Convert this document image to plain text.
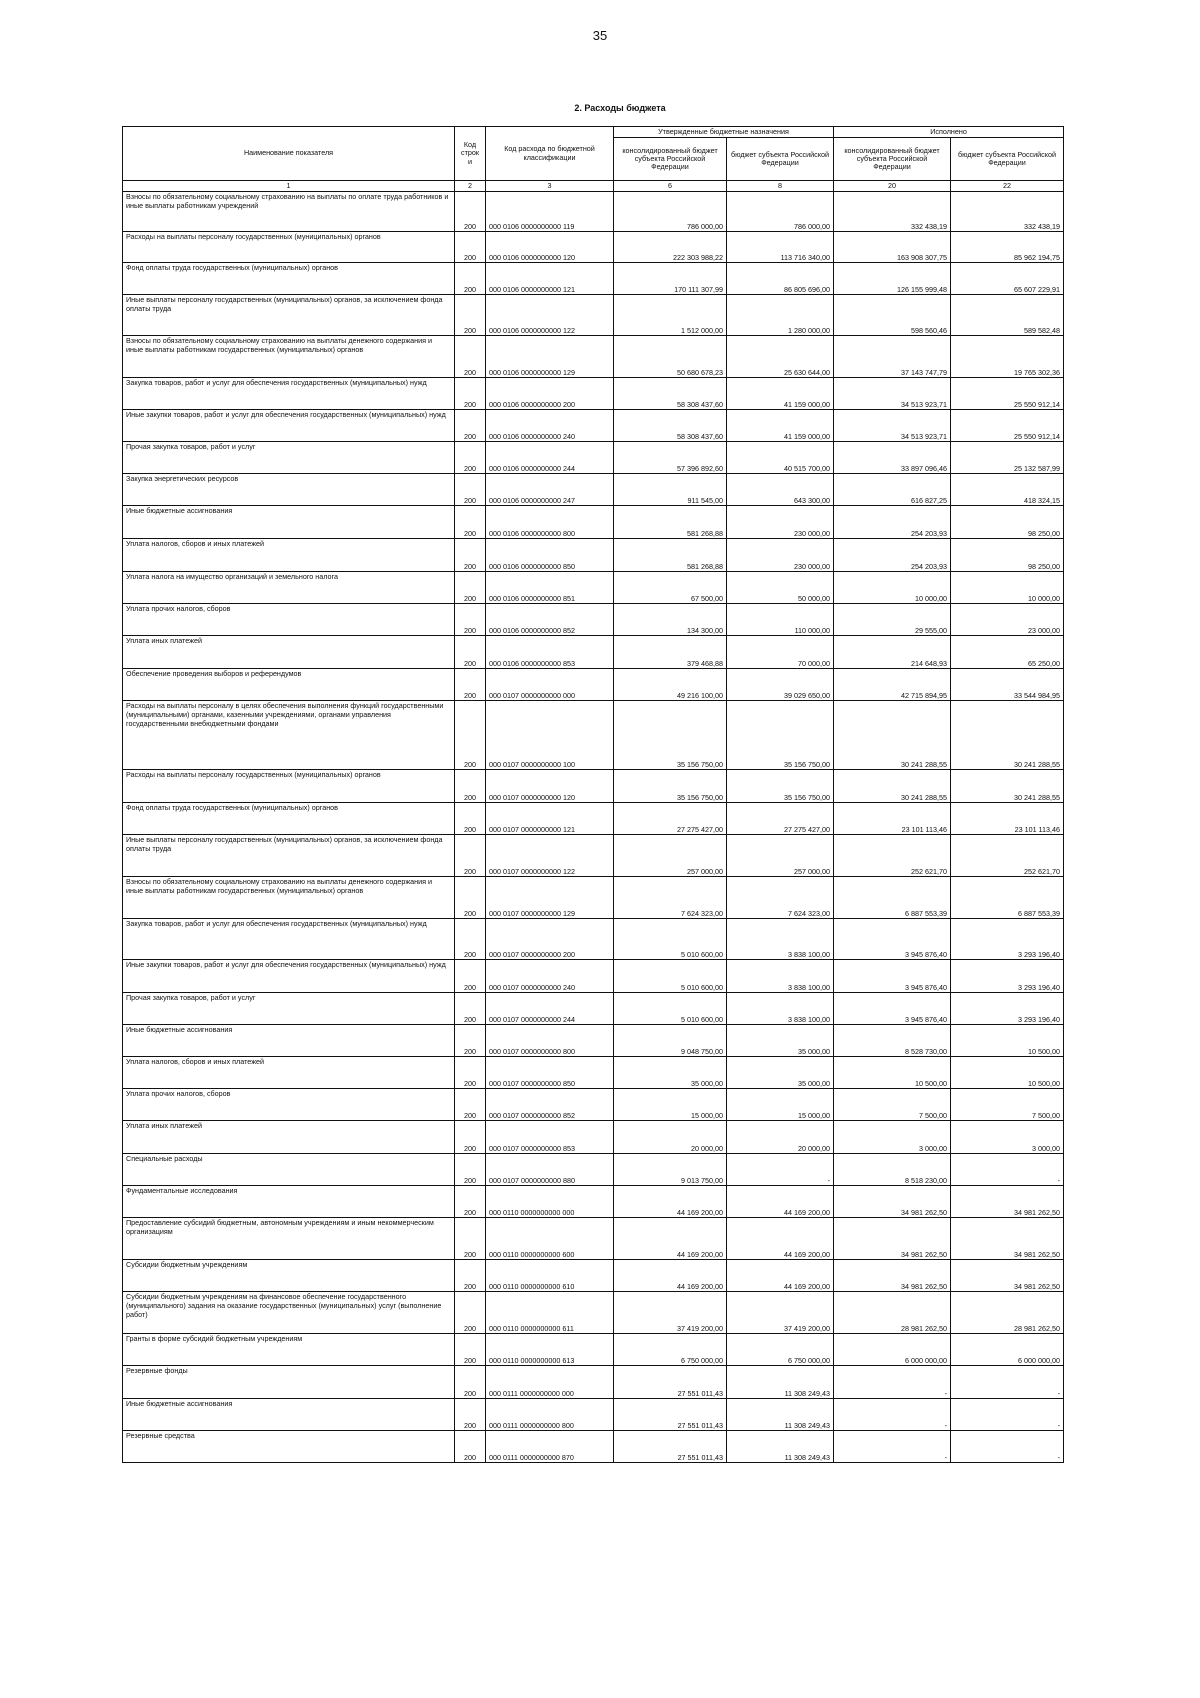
35
2. Расходы бюджета
Наименование показателя	Код строк и	Код расхода по бюджетной классификации	Утвержденные бюджетные назначения		Исполнено	
			консолидированный бюджет субъекта Российской Федерации	бюджет субъекта Российской Федерации	консолидированный бюджет субъекта Российской Федерации	бюджет субъекта Российской Федерации
1	2	3	6	8	20	22
Взносы по обязательному социальному страхованию на выплаты по оплате труда работников и иные выплаты работникам учреждений	200	000 0106 0000000000 119	786 000,00	786 000,00	332 438,19	332 438,19
Расходы на выплаты персоналу государственных (муниципальных) органов	200	000 0106 0000000000 120	222 303 988,22	113 716 340,00	163 908 307,75	85 962 194,75
Фонд оплаты труда государственных (муниципальных) органов	200	000 0106 0000000000 121	170 111 307,99	86 805 696,00	126 155 999,48	65 607 229,91
Иные выплаты персоналу государственных (муниципальных) органов, за исключением фонда оплаты труда	200	000 0106 0000000000 122	1 512 000,00	1 280 000,00	598 560,46	589 582,48
Взносы по обязательному социальному страхованию на выплаты денежного содержания и иные выплаты работникам государственных (муниципальных) органов	200	000 0106 0000000000 129	50 680 678,23	25 630 644,00	37 143 747,79	19 765 302,36
Закупка товаров, работ и услуг для обеспечения государственных (муниципальных) нужд	200	000 0106 0000000000 200	58 308 437,60	41 159 000,00	34 513 923,71	25 550 912,14
Иные закупки товаров, работ и услуг для обеспечения государственных (муниципальных) нужд	200	000 0106 0000000000 240	58 308 437,60	41 159 000,00	34 513 923,71	25 550 912,14
Прочая закупка товаров, работ и услуг	200	000 0106 0000000000 244	57 396 892,60	40 515 700,00	33 897 096,46	25 132 587,99
Закупка энергетических ресурсов	200	000 0106 0000000000 247	911 545,00	643 300,00	616 827,25	418 324,15
Иные бюджетные ассигнования	200	000 0106 0000000000 800	581 268,88	230 000,00	254 203,93	98 250,00
Уплата налогов, сборов и иных платежей	200	000 0106 0000000000 850	581 268,88	230 000,00	254 203,93	98 250,00
Уплата налога на имущество организаций и земельного налога	200	000 0106 0000000000 851	67 500,00	50 000,00	10 000,00	10 000,00
Уплата прочих налогов, сборов	200	000 0106 0000000000 852	134 300,00	110 000,00	29 555,00	23 000,00
Уплата иных платежей	200	000 0106 0000000000 853	379 468,88	70 000,00	214 648,93	65 250,00
Обеспечение проведения выборов и референдумов	200	000 0107 0000000000 000	49 216 100,00	39 029 650,00	42 715 894,95	33 544 984,95
Расходы на выплаты персоналу в целях обеспечения выполнения функций государственными (муниципальными) органами, казенными учреждениями, органами управления государственными внебюджетными фондами	200	000 0107 0000000000 100	35 156 750,00	35 156 750,00	30 241 288,55	30 241 288,55
Расходы на выплаты персоналу государственных (муниципальных) органов	200	000 0107 0000000000 120	35 156 750,00	35 156 750,00	30 241 288,55	30 241 288,55
Фонд оплаты труда государственных (муниципальных) органов	200	000 0107 0000000000 121	27 275 427,00	27 275 427,00	23 101 113,46	23 101 113,46
Иные выплаты персоналу государственных (муниципальных) органов, за исключением фонда оплаты труда	200	000 0107 0000000000 122	257 000,00	257 000,00	252 621,70	252 621,70
Взносы по обязательному социальному страхованию на выплаты денежного содержания и иные выплаты работникам государственных (муниципальных) органов	200	000 0107 0000000000 129	7 624 323,00	7 624 323,00	6 887 553,39	6 887 553,39
Закупка товаров, работ и услуг для обеспечения государственных (муниципальных) нужд	200	000 0107 0000000000 200	5 010 600,00	3 838 100,00	3 945 876,40	3 293 196,40
Иные закупки товаров, работ и услуг для обеспечения государственных (муниципальных) нужд	200	000 0107 0000000000 240	5 010 600,00	3 838 100,00	3 945 876,40	3 293 196,40
Прочая закупка товаров, работ и услуг	200	000 0107 0000000000 244	5 010 600,00	3 838 100,00	3 945 876,40	3 293 196,40
Иные бюджетные ассигнования	200	000 0107 0000000000 800	9 048 750,00	35 000,00	8 528 730,00	10 500,00
Уплата налогов, сборов и иных платежей	200	000 0107 0000000000 850	35 000,00	35 000,00	10 500,00	10 500,00
Уплата прочих налогов, сборов	200	000 0107 0000000000 852	15 000,00	15 000,00	7 500,00	7 500,00
Уплата иных платежей	200	000 0107 0000000000 853	20 000,00	20 000,00	3 000,00	3 000,00
Специальные расходы	200	000 0107 0000000000 880	9 013 750,00	-	8 518 230,00	-
Фундаментальные исследования	200	000 0110 0000000000 000	44 169 200,00	44 169 200,00	34 981 262,50	34 981 262,50
Предоставление субсидий бюджетным, автономным учреждениям и иным некоммерческим организациям	200	000 0110 0000000000 600	44 169 200,00	44 169 200,00	34 981 262,50	34 981 262,50
Субсидии бюджетным учреждениям	200	000 0110 0000000000 610	44 169 200,00	44 169 200,00	34 981 262,50	34 981 262,50
Субсидии бюджетным учреждениям на финансовое обеспечение государственного (муниципального) задания на оказание государственных (муниципальных) услуг (выполнение работ)	200	000 0110 0000000000 611	37 419 200,00	37 419 200,00	28 981 262,50	28 981 262,50
Гранты в форме субсидий бюджетным учреждениям	200	000 0110 0000000000 613	6 750 000,00	6 750 000,00	6 000 000,00	6 000 000,00
Резервные фонды	200	000 0111 0000000000 000	27 551 011,43	11 308 249,43	-	-
Иные бюджетные ассигнования	200	000 0111 0000000000 800	27 551 011,43	11 308 249,43	-	-
Резервные средства	200	000 0111 0000000000 870	27 551 011,43	11 308 249,43	-	-
